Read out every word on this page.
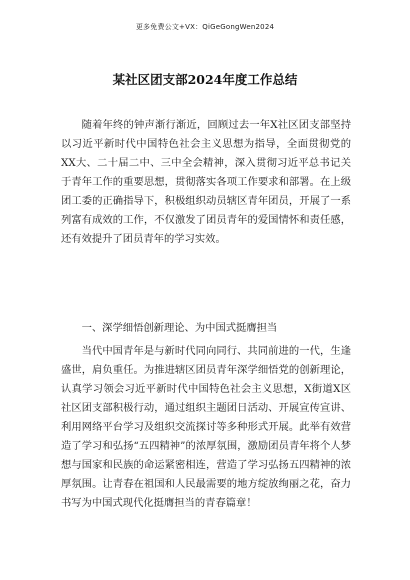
更多免费公文+VX：QiGeGongWen2024
某社区团支部2024年度工作总结

随着年终的钟声渐行渐近，回顾过去一年X社区团支部坚持以习近平新时代中国特色社会主义思想为指导，全面贯彻党的XX大、二十届二中、三中全会精神，深入贯彻习近平总书记关于青年工作的重要思想，贯彻落实各项工作要求和部署。在上级团工委的正确指导下，积极组织动员辖区青年团员，开展了一系列富有成效的工作，不仅激发了团员青年的爱国情怀和责任感，还有效提升了团员青年的学习实效。

一、深学细悟创新理论、为中国式挺膺担当

当代中国青年是与新时代同向同行、共同前进的一代，生逢盛世，肩负重任。为推进辖区团员青年深学细悟党的创新理论，认真学习领会习近平新时代中国特色社会主义思想，X街道X区社区团支部积极行动，通过组织主题团日活动、开展宣传宣讲、利用网络平台学习及组织交流探讨等多种形式开展。此举有效营造了学习和弘扬“五四精神”的浓厚氛围，激励团员青年将个人梦想与国家和民族的命运紧密相连，营造了学习弘扬五四精神的浓厚氛围。让青春在祖国和人民最需要的地方绽放绚丽之花，奋力书写为中国式现代化挺膺担当的青春篇章！
